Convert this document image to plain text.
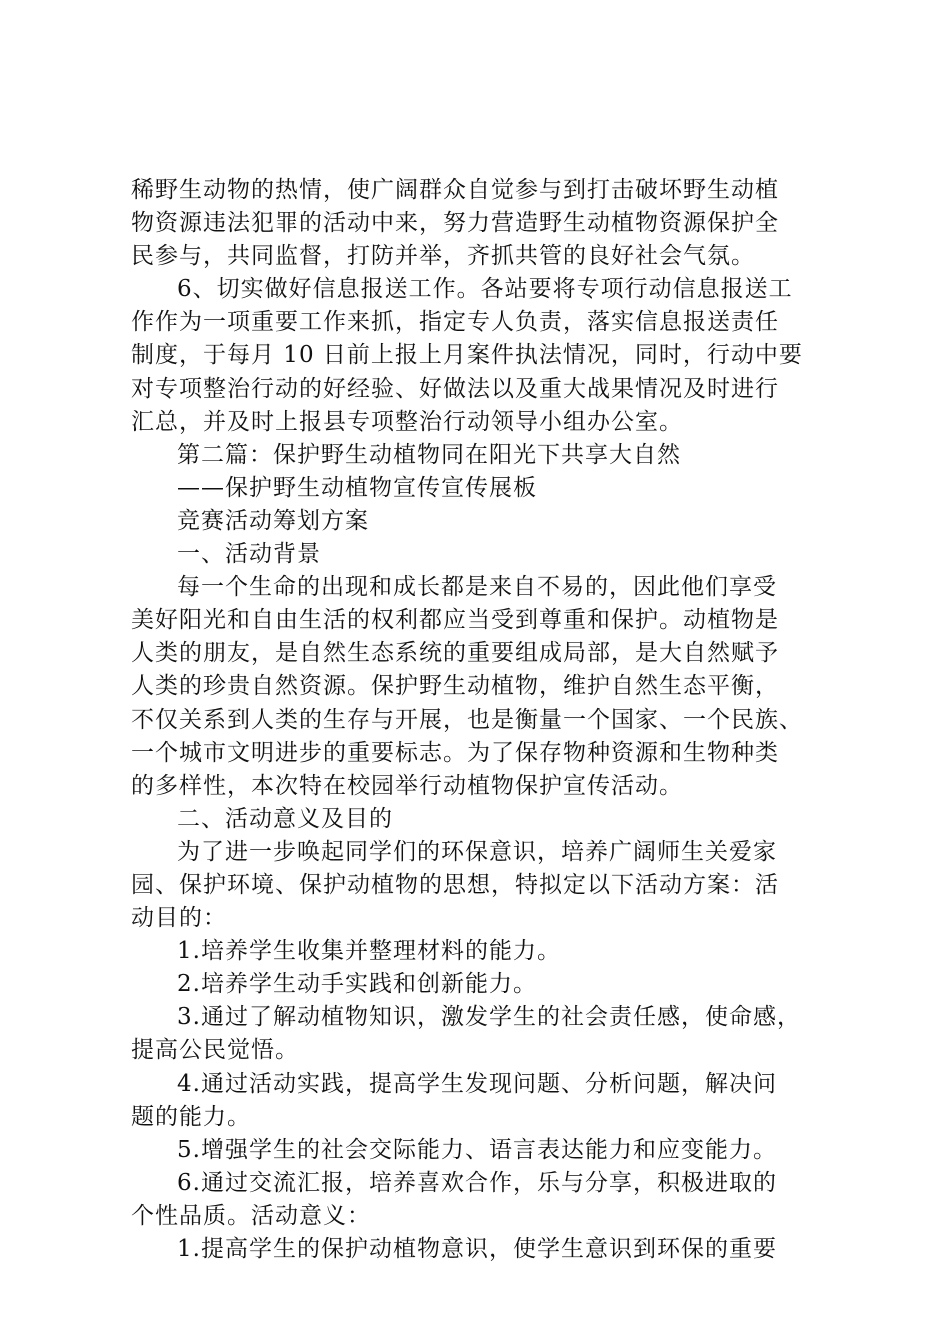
稀野生动物的热情，使广阔群众自觉参与到打击破坏野生动植
物资源违法犯罪的活动中来，努力营造野生动植物资源保护全
民参与，共同监督，打防并举，齐抓共管的良好社会气氛。
6、切实做好信息报送工作。各站要将专项行动信息报送工
作作为一项重要工作来抓，指定专人负责，落实信息报送责任
制度，于每月 10 日前上报上月案件执法情况，同时，行动中要
对专项整治行动的好经验、好做法以及重大战果情况及时进行
汇总，并及时上报县专项整治行动领导小组办公室。
第二篇：保护野生动植物同在阳光下共享大自然
——保护野生动植物宣传宣传展板
竞赛活动筹划方案
一、活动背景
每一个生命的出现和成长都是来自不易的，因此他们享受
美好阳光和自由生活的权利都应当受到尊重和保护。动植物是
人类的朋友，是自然生态系统的重要组成局部，是大自然赋予
人类的珍贵自然资源。保护野生动植物，维护自然生态平衡，
不仅关系到人类的生存与开展，也是衡量一个国家、一个民族、
一个城市文明进步的重要标志。为了保存物种资源和生物种类
的多样性，本次特在校园举行动植物保护宣传活动。
二、活动意义及目的
为了进一步唤起同学们的环保意识，培养广阔师生关爱家
园、保护环境、保护动植物的思想，特拟定以下活动方案：活
动目的：
1.培养学生收集并整理材料的能力。
2.培养学生动手实践和创新能力。
3.通过了解动植物知识，激发学生的社会责任感，使命感，
提高公民觉悟。
4.通过活动实践，提高学生发现问题、分析问题，解决问
题的能力。
5.增强学生的社会交际能力、语言表达能力和应变能力。
6.通过交流汇报，培养喜欢合作，乐与分享，积极进取的
个性品质。活动意义：
1.提高学生的保护动植物意识，使学生意识到环保的重要
